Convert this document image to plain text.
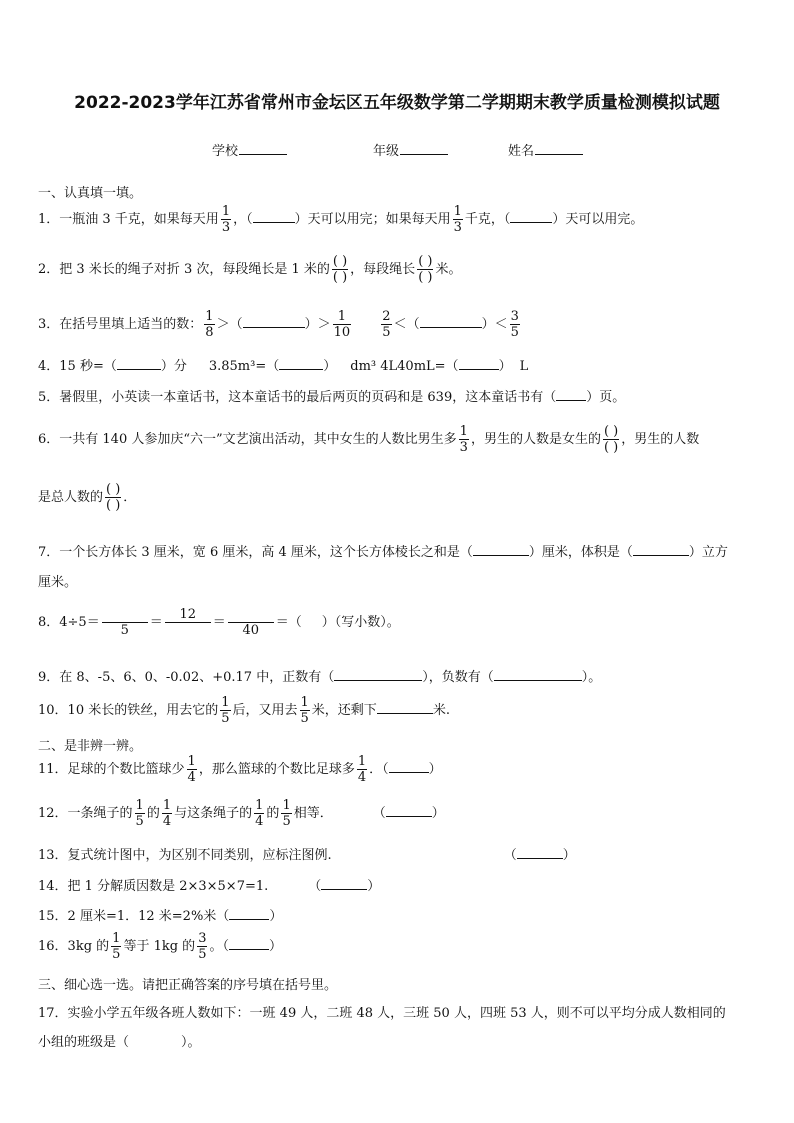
2022-2023学年江苏省常州市金坛区五年级数学第二学期期末教学质量检测模拟试题
学校	年级	姓名
一、认真填一填。
1．一瓶油 3 千克，如果每天用 $\frac{1}{3}$ ，（	）天可以用完；如果每天用 $\frac{1}{3}$ 千克，（	）天可以用完。
2．把 3 米长的绳子对折 3 次，每段绳长是 1 米的 $\frac{( )}{( )}$ ，每段绳长 $\frac{( )}{( )}$ 米。
3．在括号里填上适当的数： $\frac{1}{8}$ ＞（	）＞ $\frac{1}{10}$
$\frac{2}{5}$ ＜（	）＜ $\frac{3}{5}$
4．15 秒=（	）分 3.85m³=（	） dm³ 4L40mL=（	） L
5．暑假里，小英读一本童话书，这本童话书的最后两页的页码和是 639，这本童话书有（ ）页。
6．一共有 140 人参加庆“六一”文艺演出活动，其中女生的人数比男生多 $\frac{1}{3}$ ，男生的人数是女生的 $\frac{( )}{( )}$ ，男生的人数
是总人数的 $\frac{( )}{( )}$ ．
7．一个长方体长 3 厘米，宽 6 厘米，高 4 厘米，这个长方体棱长之和是（	）厘米，体积是（	）立方
厘米。
8．4÷5＝

5
＝
12

＝

40
＝（ ）（写小数）。
9．在 8、-5、6、0、-0.02、+0.17 中，正数有（	），负数有（	）。
10．10 米长的铁丝，用去它的 $\frac{1}{5}$ 后，又用去 $\frac{1}{5}$ 米，还剩下	米.
二、是非辨一辨。
11．足球的个数比篮球少 $\frac{1}{4}$ ，那么篮球的个数比足球多 $\frac{1}{4}$ ．（	）
12．一条绳子的 $\frac{1}{5}$ 的 $\frac{1}{4}$ 与这条绳子的 $\frac{1}{4}$ 的 $\frac{1}{5}$ 相等．	（	）
13．复式统计图中，为区别不同类别，应标注图例.	（	）
14．把 1 分解质因数是 2×3×5×7=1.	（	）
15．2 厘米=1．12 米=2%米（	）
16．3kg 的 $\frac{1}{5}$ 等于 1kg 的 $\frac{3}{5}$ 。（	）
三、细心选一选。请把正确答案的序号填在括号里。
17．实验小学五年级各班人数如下：一班 49 人，二班 48 人，三班 50 人，四班 53 人，则不可以平均分成人数相同的
小组的班级是（	）。
